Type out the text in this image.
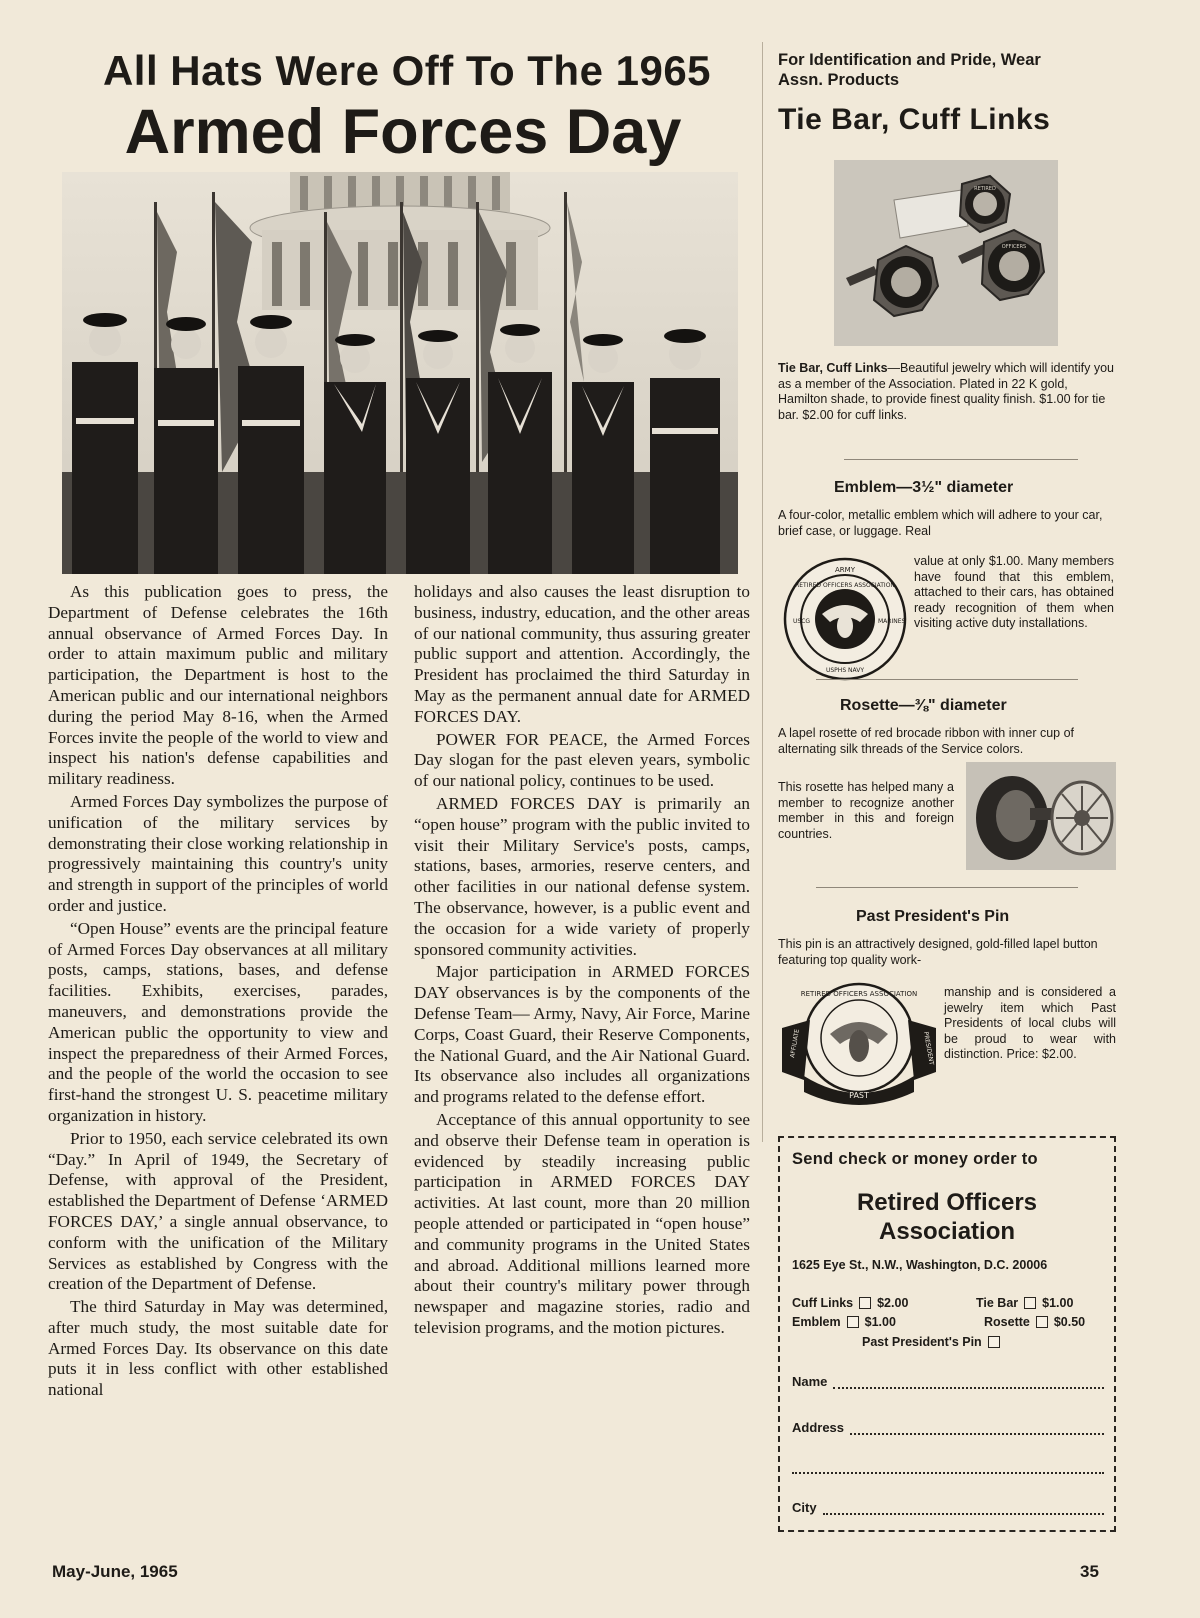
All Hats Were Off To The 1965
Armed Forces Day

As this publication goes to press, the Department of Defense celebrates the 16th annual observance of Armed Forces Day. In order to attain maximum public and military participation, the Department is host to the American public and our international neighbors during the period May 8-16, when the Armed Forces invite the people of the world to view and inspect his nation's defense capabilities and military readiness.

Armed Forces Day symbolizes the purpose of unification of the military services by demonstrating their close working relationship in progressively maintaining this country's unity and strength in support of the principles of world order and justice.

“Open House” events are the principal feature of Armed Forces Day observances at all military posts, camps, stations, bases, and defense facilities. Exhibits, exercises, parades, maneuvers, and demonstrations provide the American public the opportunity to view and inspect the preparedness of their Armed Forces, and the people of the world the occasion to see first-hand the strongest U. S. peacetime military organization in history.

Prior to 1950, each service celebrated its own “Day.” In April of 1949, the Secretary of Defense, with approval of the President, established the Department of Defense ‘ARMED FORCES DAY,’ a single annual observance, to conform with the unification of the Military Services as established by Congress with the creation of the Department of Defense.

The third Saturday in May was determined, after much study, the most suitable date for Armed Forces Day. Its observance on this date puts it in less conflict with other established national

holidays and also causes the least disruption to business, industry, education, and the other areas of our national community, thus assuring greater public support and attention. Accordingly, the President has proclaimed the third Saturday in May as the permanent annual date for ARMED FORCES DAY.

POWER FOR PEACE, the Armed Forces Day slogan for the past eleven years, symbolic of our national policy, continues to be used.

ARMED FORCES DAY is primarily an “open house” program with the public invited to visit their Military Service's posts, camps, stations, bases, armories, reserve centers, and other facilities in our national defense system. The observance, however, is a public event and the occasion for a wide variety of properly sponsored community activities.

Major participation in ARMED FORCES DAY observances is by the components of the Defense Team— Army, Navy, Air Force, Marine Corps, Coast Guard, their Reserve Components, the National Guard, and the Air National Guard. Its observance also includes all organizations and programs related to the defense effort.

Acceptance of this annual opportunity to see and observe their Defense team in operation is evidenced by steadily increasing public participation in ARMED FORCES DAY activities. At last count, more than 20 million people attended or participated in “open house” and community programs in the United States and abroad. Additional millions learned more about their country's military power through newspaper and magazine stories, radio and television programs, and the motion pictures.

For Identification and Pride, Wear Assn. Products
Tie Bar, Cuff Links
RETIRED
OFFICERS
Tie Bar, Cuff Links—Beautiful jewelry which will identify you as a member of the Association. Plated in 22 K gold, Hamilton shade, to provide finest quality finish. $1.00 for tie bar. $2.00 for cuff links.
Emblem—3½" diameter
A four-color, metallic emblem which will adhere to your car, brief case, or luggage. Real
ARMY
RETIRED OFFICERS ASSOCIATION
USCG	MARINES
USPHS NAVY
value at only $1.00. Many members have found that this emblem, attached to their cars, has obtained ready recognition of them when visiting active duty installations.
Rosette—⅜" diameter
A lapel rosette of red brocade ribbon with inner cup of alternating silk threads of the Service colors.
This rosette has helped many a member to recognize another member in this and foreign countries.
Past President's Pin
This pin is an attractively designed, gold-filled lapel button featuring top quality work-
RETIRED OFFICERS ASSOCIATION
AFFILIATE	PRESIDENT
PAST
manship and is considered a jewelry item which Past Presidents of local clubs will be proud to wear with distinction. Price: $2.00.
Send check or money order to
Retired Officers
Association
1625 Eye St., N.W., Washington, D.C. 20006
Cuff Links $2.00	Tie Bar $1.00
Emblem $1.00	Rosette $0.50
Past President's Pin
Name
Address
City
May-June, 1965	35
